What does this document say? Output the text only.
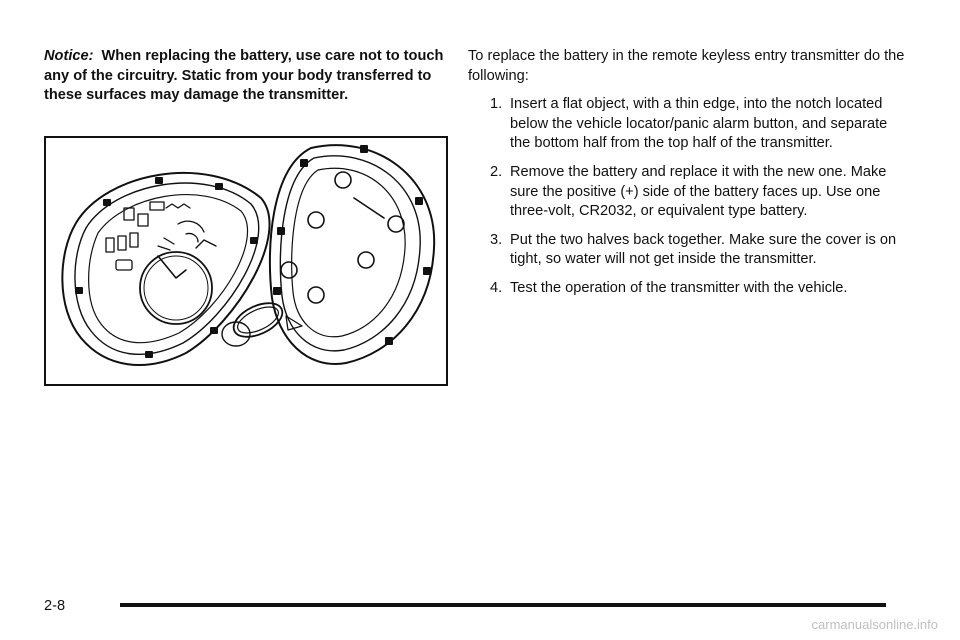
Notice: When replacing the battery, use care not to touch any of the circuitry. Static from your body transferred to these surfaces may damage the transmitter.

To replace the battery in the remote keyless entry transmitter do the following:

1. Insert a flat object, with a thin edge, into the notch located below the vehicle locator/panic alarm button, and separate the bottom half from the top half of the transmitter.
2. Remove the battery and replace it with the new one. Make sure the positive (+) side of the battery faces up. Use one three-volt, CR2032, or equivalent type battery.
3. Put the two halves back together. Make sure the cover is on tight, so water will not get inside the transmitter.
4. Test the operation of the transmitter with the vehicle.
2-8
carmanualsonline.info
